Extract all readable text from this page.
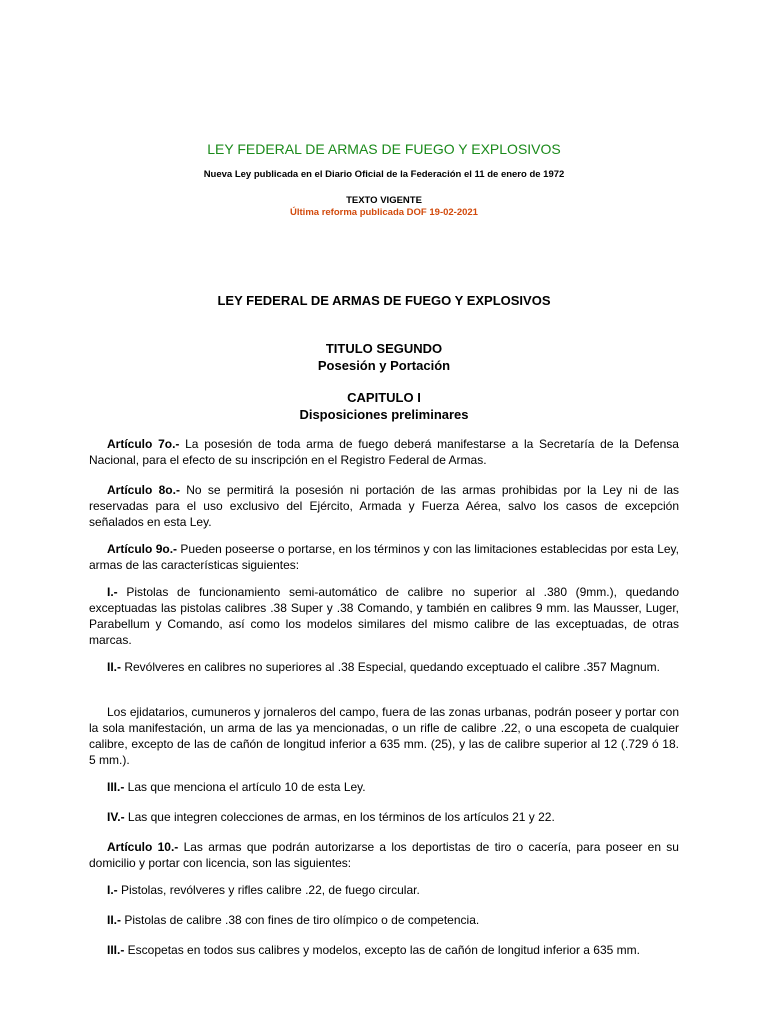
LEY FEDERAL DE ARMAS DE FUEGO Y EXPLOSIVOS
Nueva Ley publicada en el Diario Oficial de la Federación el 11 de enero de 1972
TEXTO VIGENTE
Última reforma publicada DOF 19-02-2021
LEY FEDERAL DE ARMAS DE FUEGO Y EXPLOSIVOS
TITULO SEGUNDO
Posesión y Portación
CAPITULO I
Disposiciones preliminares
Artículo 7o.- La posesión de toda arma de fuego deberá manifestarse a la Secretaría de la Defensa Nacional, para el efecto de su inscripción en el Registro Federal de Armas.
Artículo 8o.- No se permitirá la posesión ni portación de las armas prohibidas por la Ley ni de las reservadas para el uso exclusivo del Ejército, Armada y Fuerza Aérea, salvo los casos de excepción señalados en esta Ley.
Artículo 9o.- Pueden poseerse o portarse, en los términos y con las limitaciones establecidas por esta Ley, armas de las características siguientes:
I.- Pistolas de funcionamiento semi-automático de calibre no superior al .380 (9mm.), quedando exceptuadas las pistolas calibres .38 Super y .38 Comando, y también en calibres 9 mm. las Mausser, Luger, Parabellum y Comando, así como los modelos similares del mismo calibre de las exceptuadas, de otras marcas.
II.- Revólveres en calibres no superiores al .38 Especial, quedando exceptuado el calibre .357 Magnum.
Los ejidatarios, cumuneros y jornaleros del campo, fuera de las zonas urbanas, podrán poseer y portar con la sola manifestación, un arma de las ya mencionadas, o un rifle de calibre .22, o una escopeta de cualquier calibre, excepto de las de cañón de longitud inferior a 635 mm. (25), y las de calibre superior al 12 (.729 ó 18. 5 mm.).
III.- Las que menciona el artículo 10 de esta Ley.
IV.- Las que integren colecciones de armas, en los términos de los artículos 21 y 22.
Artículo 10.- Las armas que podrán autorizarse a los deportistas de tiro o cacería, para poseer en su domicilio y portar con licencia, son las siguientes:
I.- Pistolas, revólveres y rifles calibre .22, de fuego circular.
II.- Pistolas de calibre .38 con fines de tiro olímpico o de competencia.
III.- Escopetas en todos sus calibres y modelos, excepto las de cañón de longitud inferior a 635 mm.
